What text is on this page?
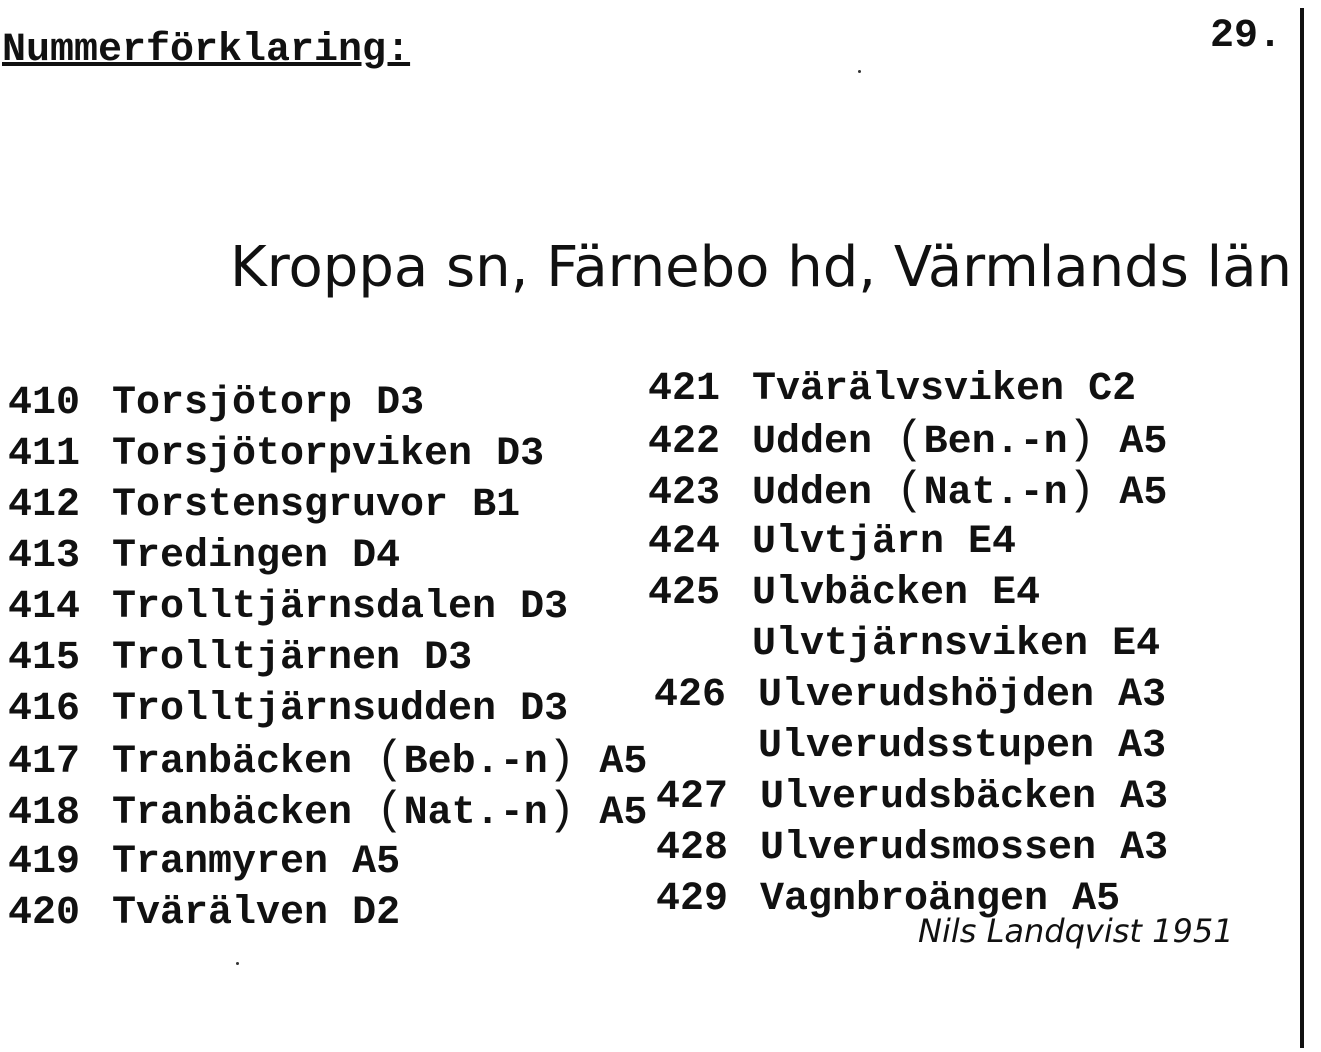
Nummerförklaring:	29.
Kroppa sn, Färnebo hd, Värmlands län
410 Torsjötorp D3
411 Torsjötorpviken D3
412 Torstensgruvor B1
413 Tredingen D4
414 Trolltjärnsdalen D3
415 Trolltjärnen D3
416 Trolltjärnsudden D3
417 Tranbäcken (Beb.-n) A5
418 Tranbäcken (Nat.-n) A5
419 Tranmyren A5
420 Tvärälven D2
421 Tvärälvsviken C2
422 Udden (Ben.-n) A5
423 Udden (Nat.-n) A5
424 Ulvtjärn E4
425 Ulvbäcken E4
Ulvtjärnsviken E4
426 Ulverudshöjden A3
Ulverudsstupen A3
427 Ulverudsbäcken A3
428 Ulverudsmossen A3
429 Vagnbroängen A5
Nils Landqvist 1951
